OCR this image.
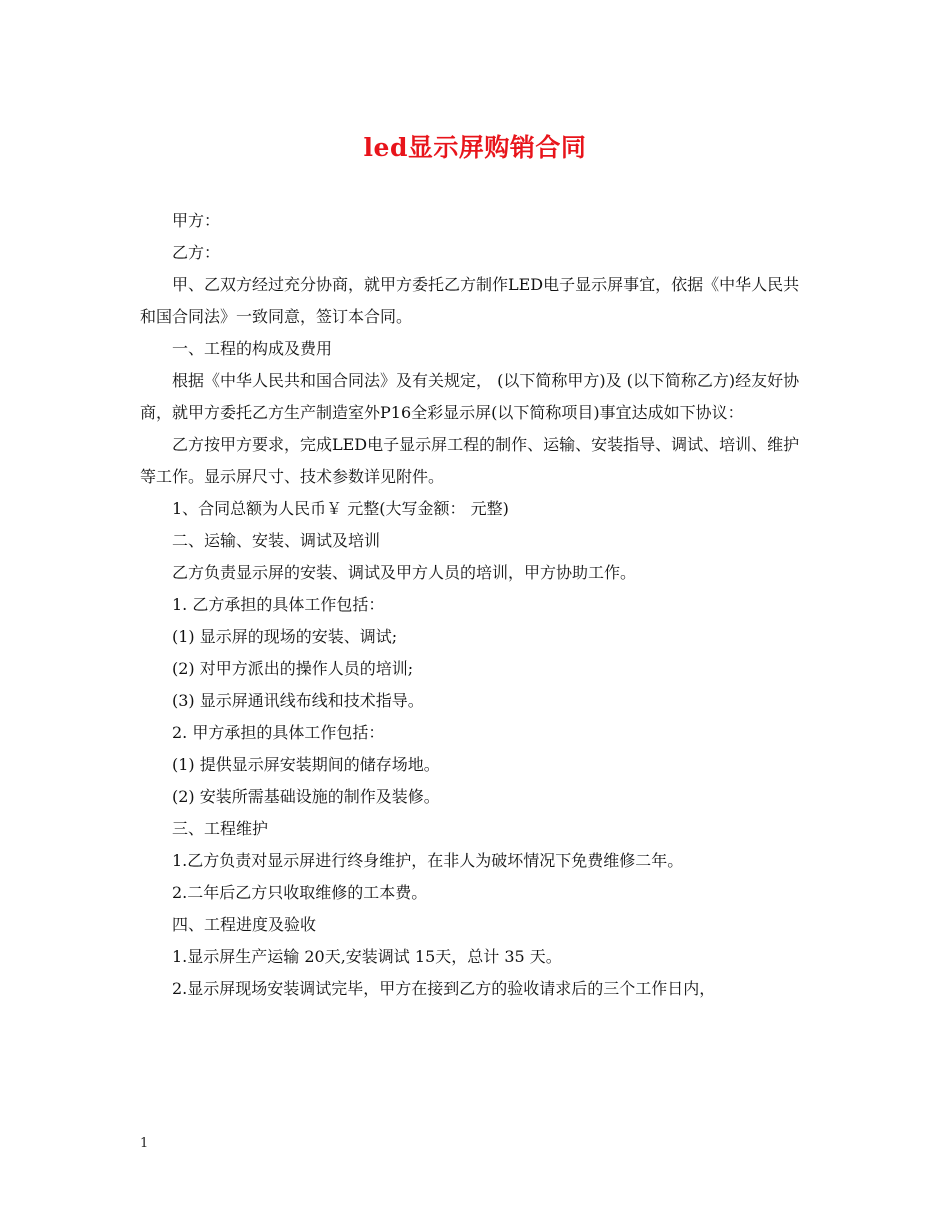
led显示屏购销合同

甲方：

乙方：

甲、乙双方经过充分协商，就甲方委托乙方制作LED电子显示屏事宜，依据《中华人民共和国合同法》一致同意，签订本合同。

一、工程的构成及费用

根据《中华人民共和国合同法》及有关规定， (以下简称甲方)及 (以下简称乙方)经友好协商，就甲方委托乙方生产制造室外P16全彩显示屏(以下简称项目)事宜达成如下协议：

乙方按甲方要求，完成LED电子显示屏工程的制作、运输、安装指导、调试、培训、维护等工作。显示屏尺寸、技术参数详见附件。

1、合同总额为人民币￥ 元整(大写金额： 元整)

二、运输、安装、调试及培训

乙方负责显示屏的安装、调试及甲方人员的培训，甲方协助工作。

1. 乙方承担的具体工作包括：

(1) 显示屏的现场的安装、调试;

(2) 对甲方派出的操作人员的培训;

(3) 显示屏通讯线布线和技术指导。

2. 甲方承担的具体工作包括：

(1) 提供显示屏安装期间的储存场地。

(2) 安装所需基础设施的制作及装修。

三、工程维护

1.乙方负责对显示屏进行终身维护，在非人为破坏情况下免费维修二年。

2.二年后乙方只收取维修的工本费。

四、工程进度及验收

1.显示屏生产运输 20天,安装调试 15天，总计 35 天。

2.显示屏现场安装调试完毕，甲方在接到乙方的验收请求后的三个工作日内，

1
